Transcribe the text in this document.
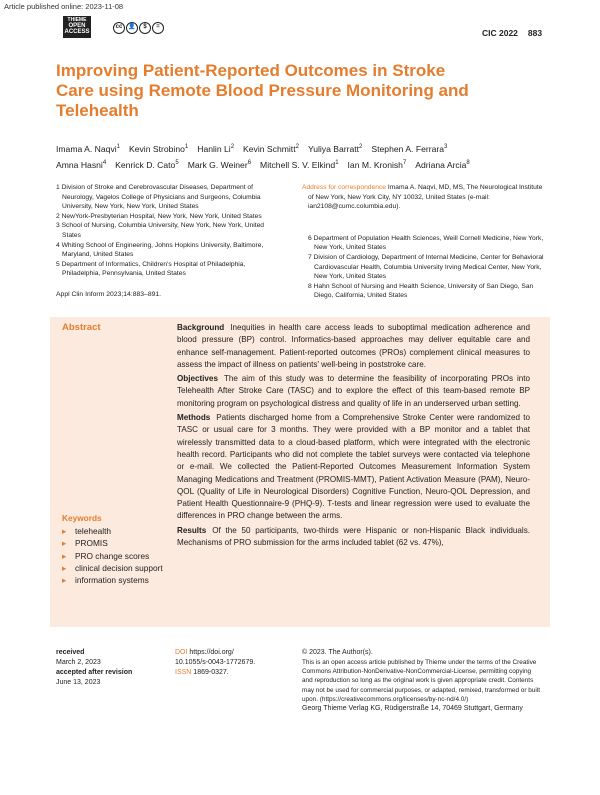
Article published online: 2023-11-08
THIEME
OPEN
ACCESS
cc 👤	$	=
CIC 2022 883
Improving Patient-Reported Outcomes in Stroke Care using Remote Blood Pressure Monitoring and Telehealth
Imama A. Naqvi$^1$ Kevin Strobino$^1$ Hanlin Li$^2$ Kevin Schmitt$^2$ Yuliya Barratt$^2$ Stephen A. Ferrara$^3$
Amna Hasni$^4$ Kenrick D. Cato$^5$ Mark G. Weiner$^6$ Mitchell S. V. Elkind$^1$ Ian M. Kronish$^7$ Adriana Arcia$^8$
1 Division of Stroke and Cerebrovascular Diseases, Department of Neurology, Vagelos College of Physicians and Surgeons, Columbia University, New York, New York, United States
2 NewYork-Presbyterian Hospital, New York, New York, United States
3 School of Nursing, Columbia University, New York, New York, United States
4 Whiting School of Engineering, Johns Hopkins University, Baltimore, Maryland, United States
5 Department of Informatics, Children's Hospital of Philadelphia, Philadelphia, Pennsylvania, United States
Address for correspondence Imama A. Naqvi, MD, MS, The Neurological Institute of New York, New York City, NY 10032, United States (e-mail: ian2108@cumc.columbia.edu).
6 Department of Population Health Sciences, Weill Cornell Medicine, New York, New York, United States
7 Division of Cardiology, Department of Internal Medicine, Center for Behavioral Cardiovascular Health, Columbia University Irving Medical Center, New York, New York, United States
8 Hahn School of Nursing and Health Science, University of San Diego, San Diego, California, United States
Appl Clin Inform 2023;14:883–891.
Abstract	Background Inequities in health care access leads to suboptimal medication adherence and blood pressure (BP) control. Informatics-based approaches may deliver equitable care and enhance self-management. Patient-reported outcomes (PROs) complement clinical measures to assess the impact of illness on patients' well-being in poststroke care.

Objectives The aim of this study was to determine the feasibility of incorporating PROs into Telehealth After Stroke Care (TASC) and to explore the effect of this team-based remote BP monitoring program on psychological distress and quality of life in an underserved urban setting.

Methods Patients discharged home from a Comprehensive Stroke Center were randomized to TASC or usual care for 3 months. They were provided with a BP monitor and a tablet that wirelessly transmitted data to a cloud-based platform, which were integrated with the electronic health record. Participants who did not complete the tablet surveys were contacted via telephone or e-mail. We collected the Patient-Reported Outcomes Measurement Information System Managing Medications and Treatment (PROMIS-MMT), Patient Activation Measure (PAM), Neuro-QOL (Quality of Life in Neurological Disorders) Cognitive Function, Neuro-QOL Depression, and Patient Health Questionnaire-9 (PHQ-9). T-tests and linear regression were used to evaluate the differences in PRO change between the arms.

Results Of the 50 participants, two-thirds were Hispanic or non-Hispanic Black individuals. Mechanisms of PRO submission for the arms included tablet (62 vs. 47%),

Keywords
▸ telehealth
▸ PROMIS
▸ PRO change scores
▸ clinical decision support
▸ information systems
received
March 2, 2023
accepted after revision
June 13, 2023
DOI https://doi.org/
10.1055/s-0043-1772679.
ISSN 1869-0327.
© 2023. The Author(s).
This is an open access article published by Thieme under the terms of the Creative Commons Attribution-NonDerivative-NonCommercial-License, permitting copying and reproduction so long as the original work is given appropriate credit. Contents may not be used for commercial purposes, or adapted, remixed, transformed or built upon. (https://creativecommons.org/licenses/by-nc-nd/4.0/)
Georg Thieme Verlag KG, Rüdigerstraße 14, 70469 Stuttgart, Germany
